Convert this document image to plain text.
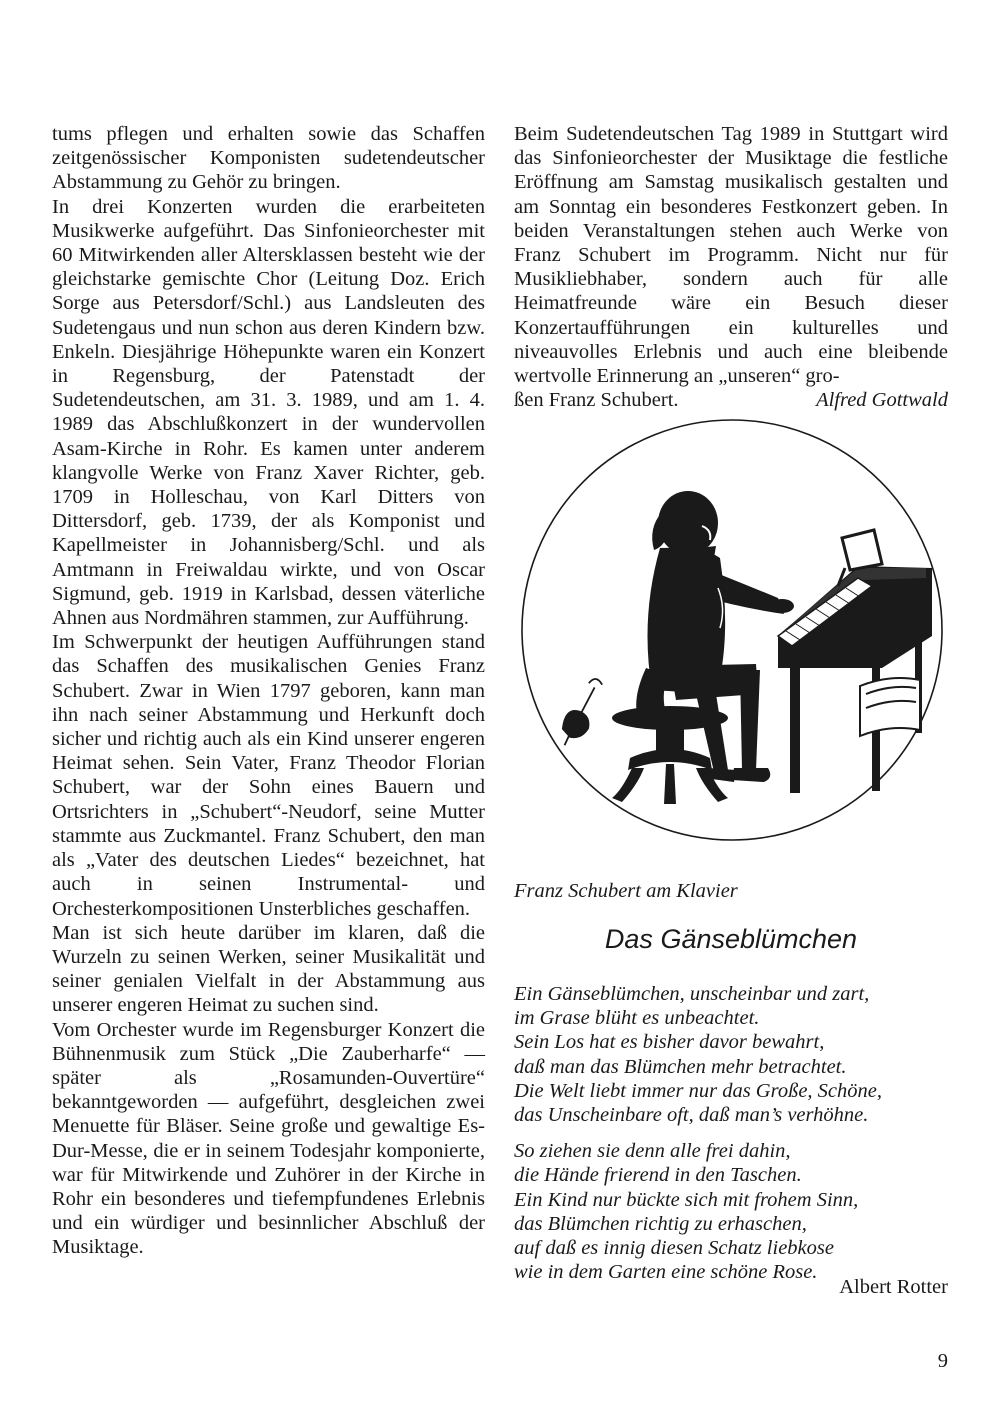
tums pflegen und erhalten sowie das Schaffen zeitgenössischer Komponisten sudetendeutscher Abstammung zu Gehör zu bringen.

In drei Konzerten wurden die erarbeiteten Musikwerke aufgeführt. Das Sinfonieorchester mit 60 Mitwirkenden aller Altersklassen besteht wie der gleichstarke gemischte Chor (Leitung Doz. Erich Sorge aus Petersdorf/Schl.) aus Landsleuten des Sudetengaus und nun schon aus deren Kindern bzw. Enkeln. Diesjährige Höhepunkte waren ein Konzert in Regensburg, der Patenstadt der Sudetendeutschen, am 31. 3. 1989, und am 1. 4. 1989 das Abschlußkonzert in der wundervollen Asam-Kirche in Rohr. Es kamen unter anderem klangvolle Werke von Franz Xaver Richter, geb. 1709 in Holleschau, von Karl Ditters von Dittersdorf, geb. 1739, der als Komponist und Kapellmeister in Johannisberg/Schl. und als Amtmann in Freiwaldau wirkte, und von Oscar Sigmund, geb. 1919 in Karlsbad, dessen väterliche Ahnen aus Nordmähren stammen, zur Aufführung.

Im Schwerpunkt der heutigen Aufführungen stand das Schaffen des musikalischen Genies Franz Schubert. Zwar in Wien 1797 geboren, kann man ihn nach seiner Abstammung und Herkunft doch sicher und richtig auch als ein Kind unserer engeren Heimat sehen. Sein Vater, Franz Theodor Florian Schubert, war der Sohn eines Bauern und Ortsrichters in „Schubert“-Neudorf, seine Mutter stammte aus Zuckmantel. Franz Schubert, den man als „Vater des deutschen Liedes“ bezeichnet, hat auch in seinen Instrumental- und Orchesterkompositionen Unsterbliches geschaffen.

Man ist sich heute darüber im klaren, daß die Wurzeln zu seinen Werken, seiner Musikalität und seiner genialen Vielfalt in der Abstammung aus unserer engeren Heimat zu suchen sind.

Vom Orchester wurde im Regensburger Konzert die Bühnenmusik zum Stück „Die Zauberharfe“ — später als „Rosamunden-Ouvertüre“ bekanntgeworden — aufgeführt, desgleichen zwei Menuette für Bläser. Seine große und gewaltige Es-Dur-Messe, die er in seinem Todesjahr komponierte, war für Mitwirkende und Zuhörer in der Kirche in Rohr ein besonderes und tiefempfundenes Erlebnis und ein würdiger und besinnlicher Abschluß der Musiktage.

Beim Sudetendeutschen Tag 1989 in Stuttgart wird das Sinfonieorchester der Musiktage die festliche Eröffnung am Samstag musikalisch gestalten und am Sonntag ein besonderes Festkonzert geben. In beiden Veranstaltungen stehen auch Werke von Franz Schubert im Programm. Nicht nur für Musikliebhaber, sondern auch für alle Heimatfreunde wäre ein Besuch dieser Konzertaufführungen ein kulturelles und niveauvolles Erlebnis und auch eine bleibende wertvolle Erinnerung an „unseren“ gro-

ßen Franz Schubert.	Alfred Gottwald
Franz Schubert am Klavier
Das Gänseblümchen
Ein Gänseblümchen, unscheinbar und zart,
im Grase blüht es unbeachtet.
Sein Los hat es bisher davor bewahrt,
daß man das Blümchen mehr betrachtet.
Die Welt liebt immer nur das Große, Schöne,
das Unscheinbare oft, daß man’s verhöhne.
So ziehen sie denn alle frei dahin,
die Hände frierend in den Taschen.
Ein Kind nur bückte sich mit frohem Sinn,
das Blümchen richtig zu erhaschen,
auf daß es innig diesen Schatz liebkose
wie in dem Garten eine schöne Rose.
Albert Rotter
9
